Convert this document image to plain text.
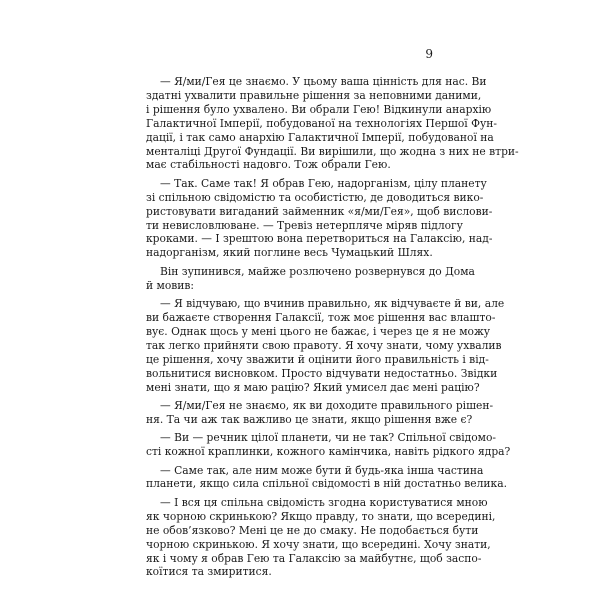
9

— Я/ми/Гея це знаємо. У цьому ваша цінність для нас. Ви
здатні ухвалити правильне рішення за неповними даними,
і рішення було ухвалено. Ви обрали Гею! Відкинули анархію
Галактичної Імперії, побудованої на технологіях Першої Фун-
дації, і так само анархію Галактичної Імперії, побудованої на
менталіці Другої Фундації. Ви вирішили, що жодна з них не втри-
має стабільності надовго. Тож обрали Гею.

— Так. Саме так! Я обрав Гею, надорганізм, цілу планету
зі спільною свідомістю та особистістю, де доводиться вико-
ристовувати вигаданий займенник «я/ми/Гея», щоб вислови-
ти невисловлюване. — Тревіз нетерпляче міряв підлогу
кроками. — І зрештою вона перетвориться на Галаксію, над-
надорганізм, який поглине весь Чумацький Шлях.

Він зупинився, майже розлючено розвернувся до Дома
й мовив:

— Я відчуваю, що вчинив правильно, як відчуваєте й ви, але
ви бажаєте створення Галаксії, тож моє рішення вас влашто-
вує. Однак щось у мені цього не бажає, і через це я не можу
так легко прийняти свою правоту. Я хочу знати, чому ухвалив
це рішення, хочу зважити й оцінити його правильність і від-
вольнитися висновком. Просто відчувати недостатньо. Звідки
мені знати, що я маю рацію? Який умисел дає мені рацію?

— Я/ми/Гея не знаємо, як ви доходите правильного рішен-
ня. Та чи аж так важливо це знати, якщо рішення вже є?

— Ви — речник цілої планети, чи не так? Спільної свідомо-
сті кожної краплинки, кожного камінчика, навіть рідкого ядра?

— Саме так, але ним може бути й будь-яка інша частина
планети, якщо сила спільної свідомості в ній достатньо велика.

— І вся ця спільна свідомість згодна користуватися мною
як чорною скринькою? Якщо правду, то знати, що всередині,
не обов’язково? Мені це не до смаку. Не подобається бути
чорною скринькою. Я хочу знати, що всередині. Хочу знати,
як і чому я обрав Гею та Галаксію за майбутнє, щоб заспо-
коїтися та змиритися.
